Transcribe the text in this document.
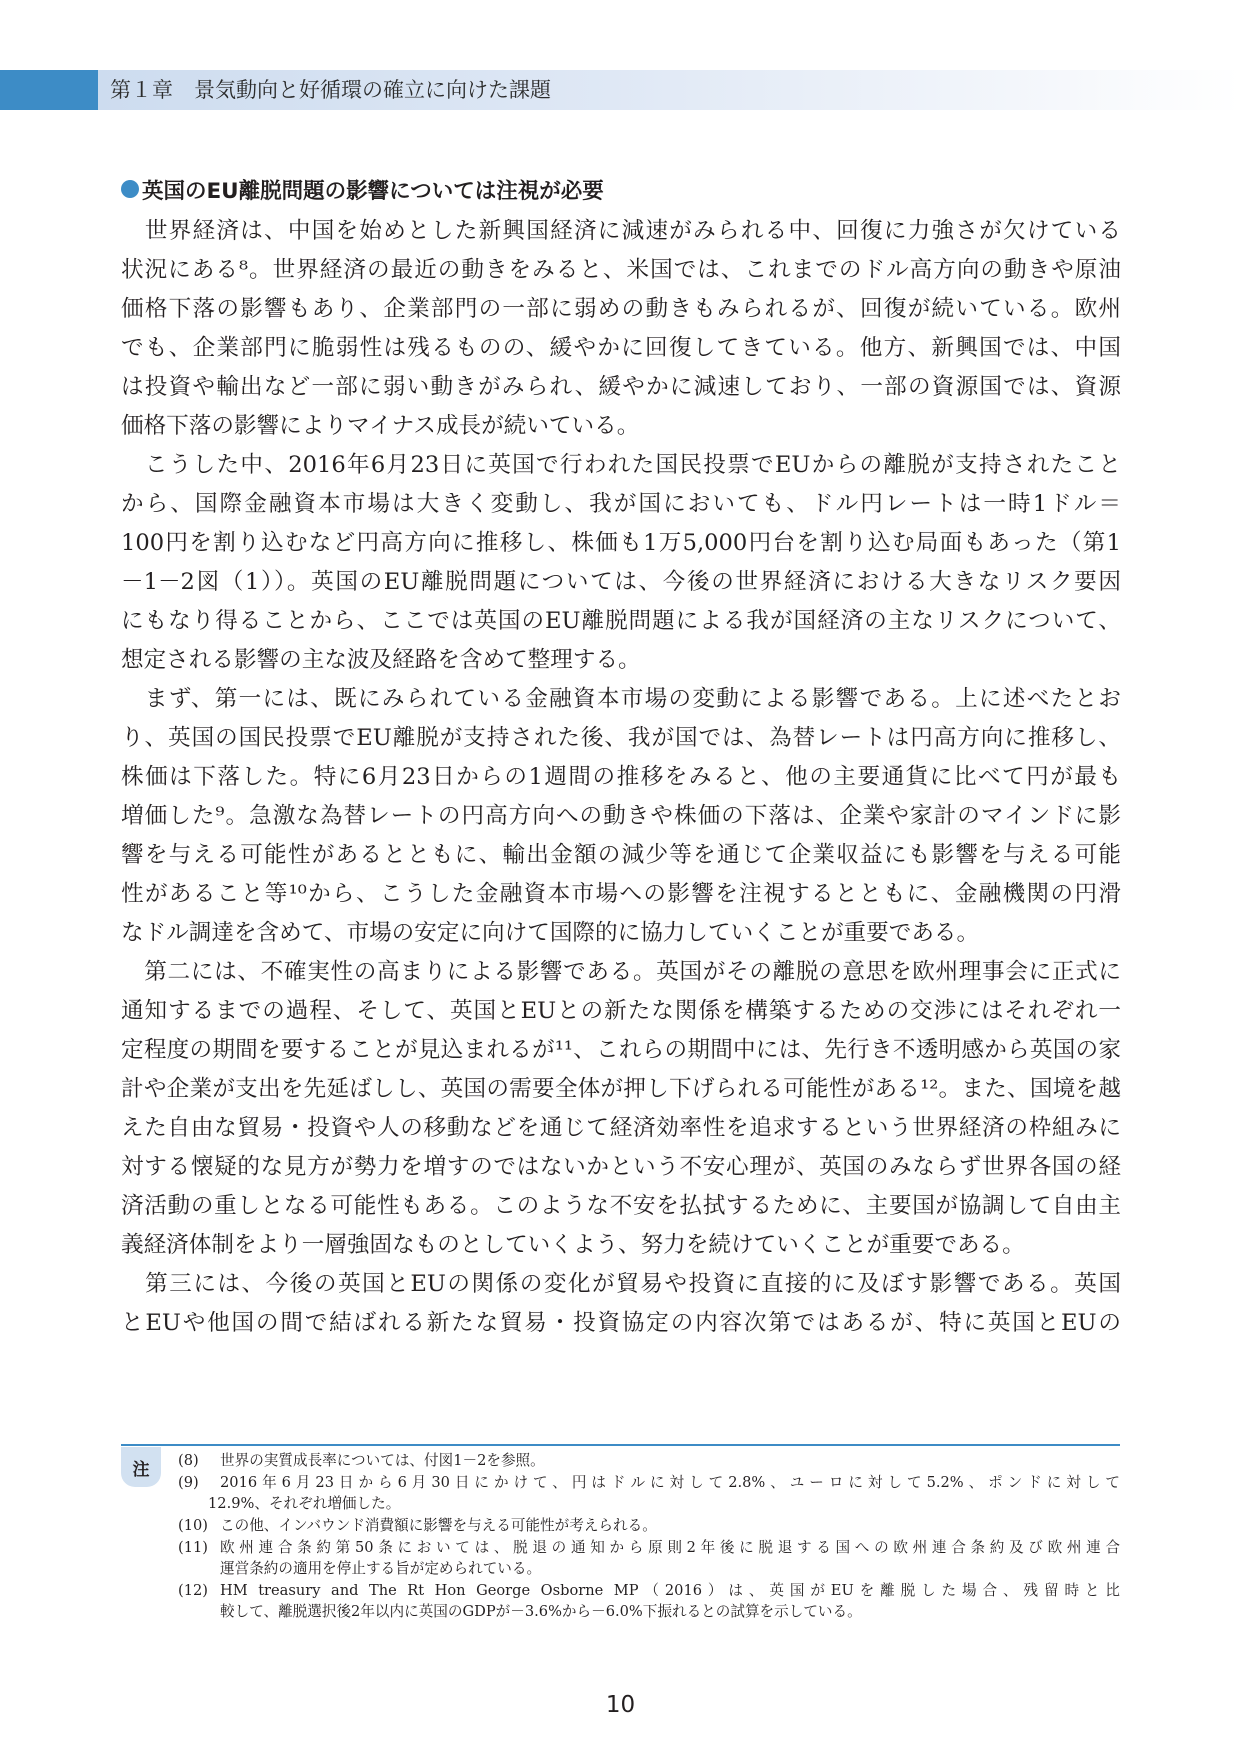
第１章　景気動向と好循環の確立に向けた課題
英国のEU離脱問題の影響については注視が必要
　世界経済は、中国を始めとした新興国経済に減速がみられる中、回復に力強さが欠けている
状況にある⁸。世界経済の最近の動きをみると、米国では、これまでのドル高方向の動きや原油
価格下落の影響もあり、企業部門の一部に弱めの動きもみられるが、回復が続いている。欧州
でも、企業部門に脆弱性は残るものの、緩やかに回復してきている。他方、新興国では、中国
は投資や輸出など一部に弱い動きがみられ、緩やかに減速しており、一部の資源国では、資源
価格下落の影響によりマイナス成長が続いている。
　こうした中、2016年6月23日に英国で行われた国民投票でEUからの離脱が支持されたこと
から、国際金融資本市場は大きく変動し、我が国においても、ドル円レートは一時1ドル＝
100円を割り込むなど円高方向に推移し、株価も1万5,000円台を割り込む局面もあった（第1
－1－2図（1））。英国のEU離脱問題については、今後の世界経済における大きなリスク要因
にもなり得ることから、ここでは英国のEU離脱問題による我が国経済の主なリスクについて、
想定される影響の主な波及経路を含めて整理する。
　まず、第一には、既にみられている金融資本市場の変動による影響である。上に述べたとお
り、英国の国民投票でEU離脱が支持された後、我が国では、為替レートは円高方向に推移し、
株価は下落した。特に6月23日からの1週間の推移をみると、他の主要通貨に比べて円が最も
増価した⁹。急激な為替レートの円高方向への動きや株価の下落は、企業や家計のマインドに影
響を与える可能性があるとともに、輸出金額の減少等を通じて企業収益にも影響を与える可能
性があること等¹⁰から、こうした金融資本市場への影響を注視するとともに、金融機関の円滑
なドル調達を含めて、市場の安定に向けて国際的に協力していくことが重要である。
　第二には、不確実性の高まりによる影響である。英国がその離脱の意思を欧州理事会に正式に
通知するまでの過程、そして、英国とEUとの新たな関係を構築するための交渉にはそれぞれ一
定程度の期間を要することが見込まれるが¹¹、これらの期間中には、先行き不透明感から英国の家
計や企業が支出を先延ばしし、英国の需要全体が押し下げられる可能性がある¹²。また、国境を越
えた自由な貿易・投資や人の移動などを通じて経済効率性を追求するという世界経済の枠組みに
対する懐疑的な見方が勢力を増すのではないかという不安心理が、英国のみならず世界各国の経
済活動の重しとなる可能性もある。このような不安を払拭するために、主要国が協調して自由主
義経済体制をより一層強固なものとしていくよう、努力を続けていくことが重要である。
　第三には、今後の英国とEUの関係の変化が貿易や投資に直接的に及ぼす影響である。英国
とEUや他国の間で結ばれる新たな貿易・投資協定の内容次第ではあるが、特に英国とEUの
注	(8) 世界の実質成長率については、付図1－2を参照。
(9) 2016年6月23日から6月30日にかけて、円はドルに対して2.8%、ユーロに対して5.2%、ポンドに対して
12.9%、それぞれ増価した。
(10) この他、インバウンド消費額に影響を与える可能性が考えられる。
(11) 欧州連合条約第50条においては、脱退の通知から原則2年後に脱退する国への欧州連合条約及び欧州連合
運営条約の適用を停止する旨が定められている。
(12) HM treasury and The Rt Hon George Osborne MP（2016）は、英国がEUを離脱した場合、残留時と比
較して、離脱選択後2年以内に英国のGDPが－3.6%から－6.0%下振れるとの試算を示している。
10
